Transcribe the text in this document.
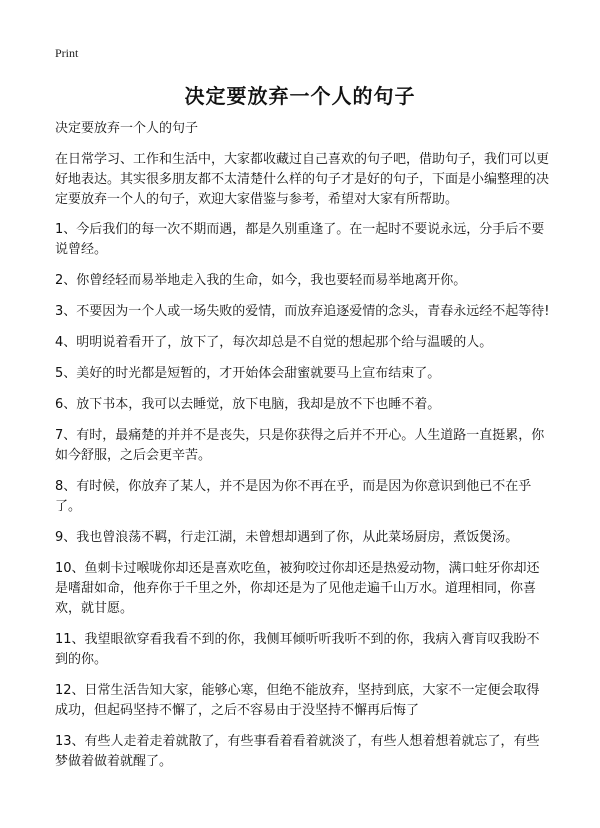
Print
决定要放弃一个人的句子

决定要放弃一个人的句子

在日常学习、工作和生活中，大家都收藏过自己喜欢的句子吧，借助句子，我们可以更好地表达。其实很多朋友都不太清楚什么样的句子才是好的句子，下面是小编整理的决定要放弃一个人的句子，欢迎大家借鉴与参考，希望对大家有所帮助。

1、今后我们的每一次不期而遇，都是久别重逢了。在一起时不要说永远，分手后不要说曾经。
2、你曾经轻而易举地走入我的生命，如今，我也要轻而易举地离开你。
3、不要因为一个人或一场失败的爱情，而放弃追逐爱情的念头，青春永远经不起等待!
4、明明说着看开了，放下了，每次却总是不自觉的想起那个给与温暖的人。
5、美好的时光都是短暂的，才开始体会甜蜜就要马上宣布结束了。
6、放下书本，我可以去睡觉，放下电脑，我却是放不下也睡不着。
7、有时，最痛楚的并并不是丧失，只是你获得之后并不开心。人生道路一直挺累，你如今舒服，之后会更辛苦。
8、有时候，你放弃了某人，并不是因为你不再在乎，而是因为你意识到他已不在乎了。
9、我也曾浪荡不羁，行走江湖，未曾想却遇到了你，从此菜场厨房，煮饭煲汤。
10、鱼刺卡过喉咙你却还是喜欢吃鱼，被狗咬过你却还是热爱动物，满口蛀牙你却还是嗜甜如命，他弃你于千里之外，你却还是为了见他走遍千山万水。道理相同，你喜欢，就甘愿。
11、我望眼欲穿看我看不到的你，我侧耳倾听听我听不到的你，我病入膏肓叹我盼不到的你。
12、日常生活告知大家，能够心寒，但绝不能放弃，坚持到底，大家不一定便会取得成功，但起码坚持不懈了，之后不容易由于没坚持不懈再后悔了
13、有些人走着走着就散了，有些事看着看着就淡了，有些人想着想着就忘了，有些梦做着做着就醒了。
